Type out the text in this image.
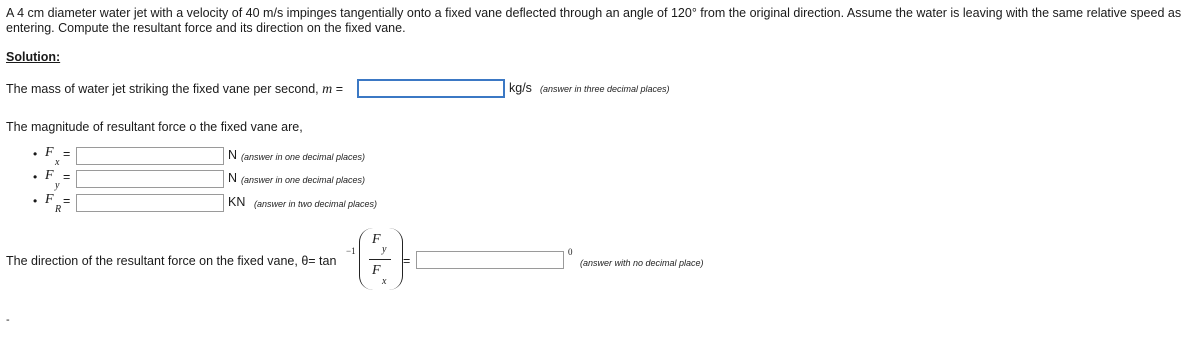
A 4 cm diameter water jet with a velocity of 40 m/s impinges tangentially onto a fixed vane deflected through an angle of 120° from the original direction. Assume the water is leaving with the same relative speed as entering. Compute the resultant force and its direction on the fixed vane.
Solution:
The mass of water jet striking the fixed vane per second, m =	kg/s (answer in three decimal places)
The magnitude of resultant force o the fixed vane are,
• F
x
=	N (answer in one decimal places)
• F
y
=	N (answer in one decimal places)
• F
R
=	KN (answer in two decimal places)
The direction of the resultant force on the fixed vane, θ= tan
−1
F
y
F
x
=
0
(answer with no decimal place)
-
